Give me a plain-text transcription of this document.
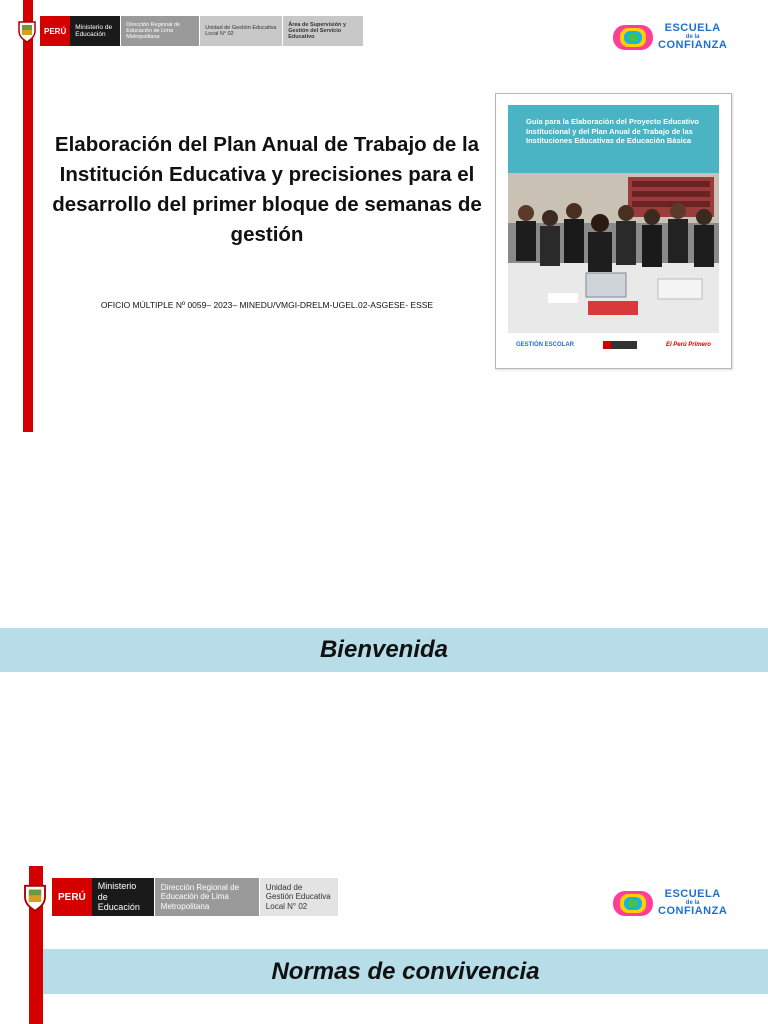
PERÚ	Ministerio de Educación
Dirección Regional de Educación de Lima Metropolitana
Unidad de Gestión Educativa Local N° 02
Área de Supervisión y Gestión del Servicio Educativo
ESCUELA
de la
CONFIANZA
Elaboración del Plan Anual de Trabajo de la Institución Educativa y precisiones para el desarrollo del primer bloque de semanas de gestión
OFICIO MÚLTIPLE Nº 0059– 2023– MINEDU/VMGI-DRELM-UGEL.02-ASGESE- ESSE
Guía para la Elaboración del Proyecto Educativo Institucional y del Plan Anual de Trabajo de las Instituciones Educativas de Educación Básica
GESTIÓN ESCOLAR	El Perú Primero
Bienvenida
PERÚ
Ministerio de Educación
Dirección Regional de Educación de Lima Metropolitana
Unidad de Gestión Educativa Local N° 02
ESCUELA
de la
CONFIANZA
Normas de convivencia
